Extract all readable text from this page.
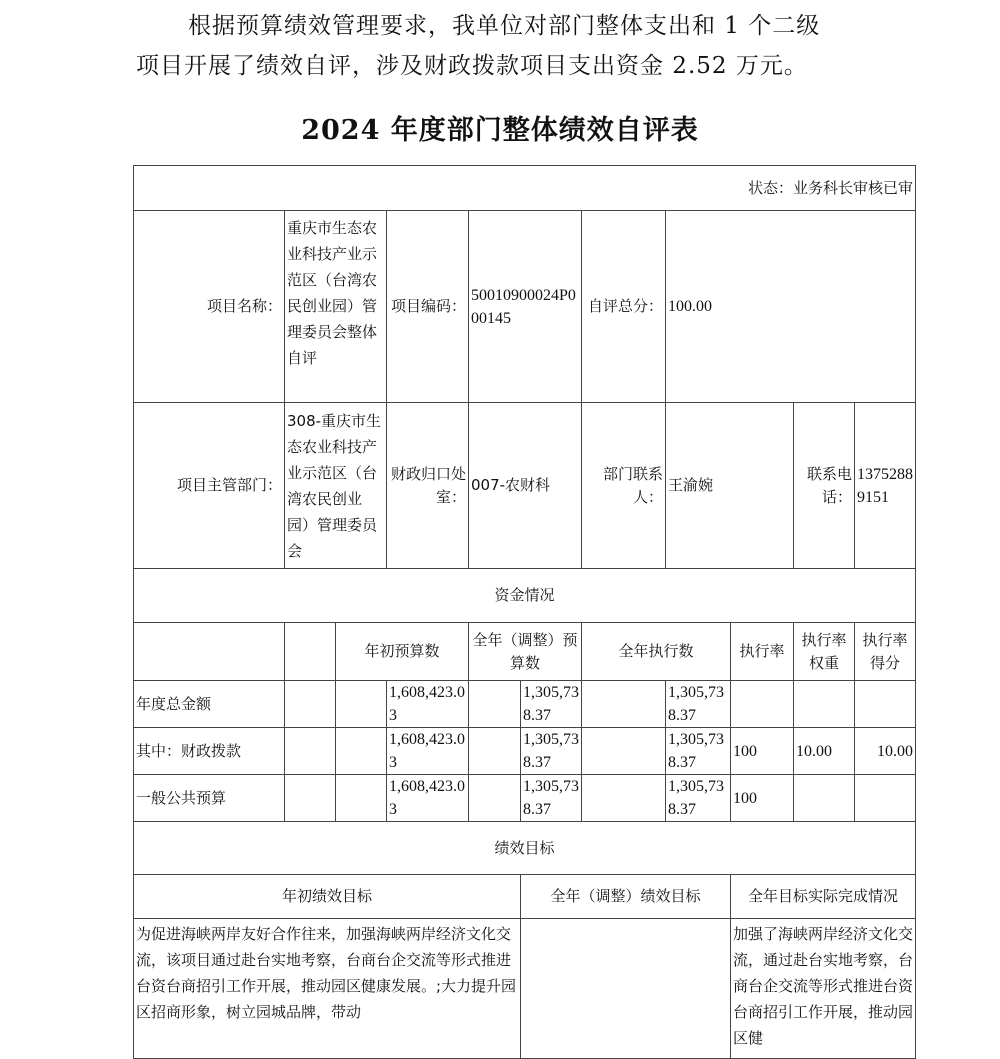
根据预算绩效管理要求，我单位对部门整体支出和 1 个二级

项目开展了绩效自评，涉及财政拨款项目支出资金 2.52 万元。

2024 年度部门整体绩效自评表
状态：业务科长审核已审										
项目名称：	重庆市生态农业科技产业示范区（台湾农民创业园）管理委员会整体自评		项目编码：	50010900024P000145		自评总分：	100.00			
项目主管部门：	308-重庆市生态农业科技产业示范区（台湾农民创业园）管理委员会		财政归口处室：	007-农财科		部门联系人：	王渝婉		联系电话：	13752889151
资金情况										
		年初预算数		全年（调整）预算数		全年执行数		执行率	执行率权重	执行率得分
年度总金额			1,608,423.03		1,305,738.37		1,305,738.37			
其中：财政拨款			1,608,423.03		1,305,738.37		1,305,738.37	100	10.00	10.00
一般公共预算			1,608,423.03		1,305,738.37		1,305,738.37	100		
绩效目标										
年初绩效目标					全年（调整）绩效目标			全年目标实际完成情况		
为促进海峡两岸友好合作往来，加强海峡两岸经济文化交流，该项目通过赴台实地考察，台商台企交流等形式推进台资台商招引工作开展，推动园区健康发展。;大力提升园区招商形象，树立园城品牌，带动								加强了海峡两岸经济文化交流，通过赴台实地考察，台商台企交流等形式推进台资台商招引工作开展，推动园区健		
